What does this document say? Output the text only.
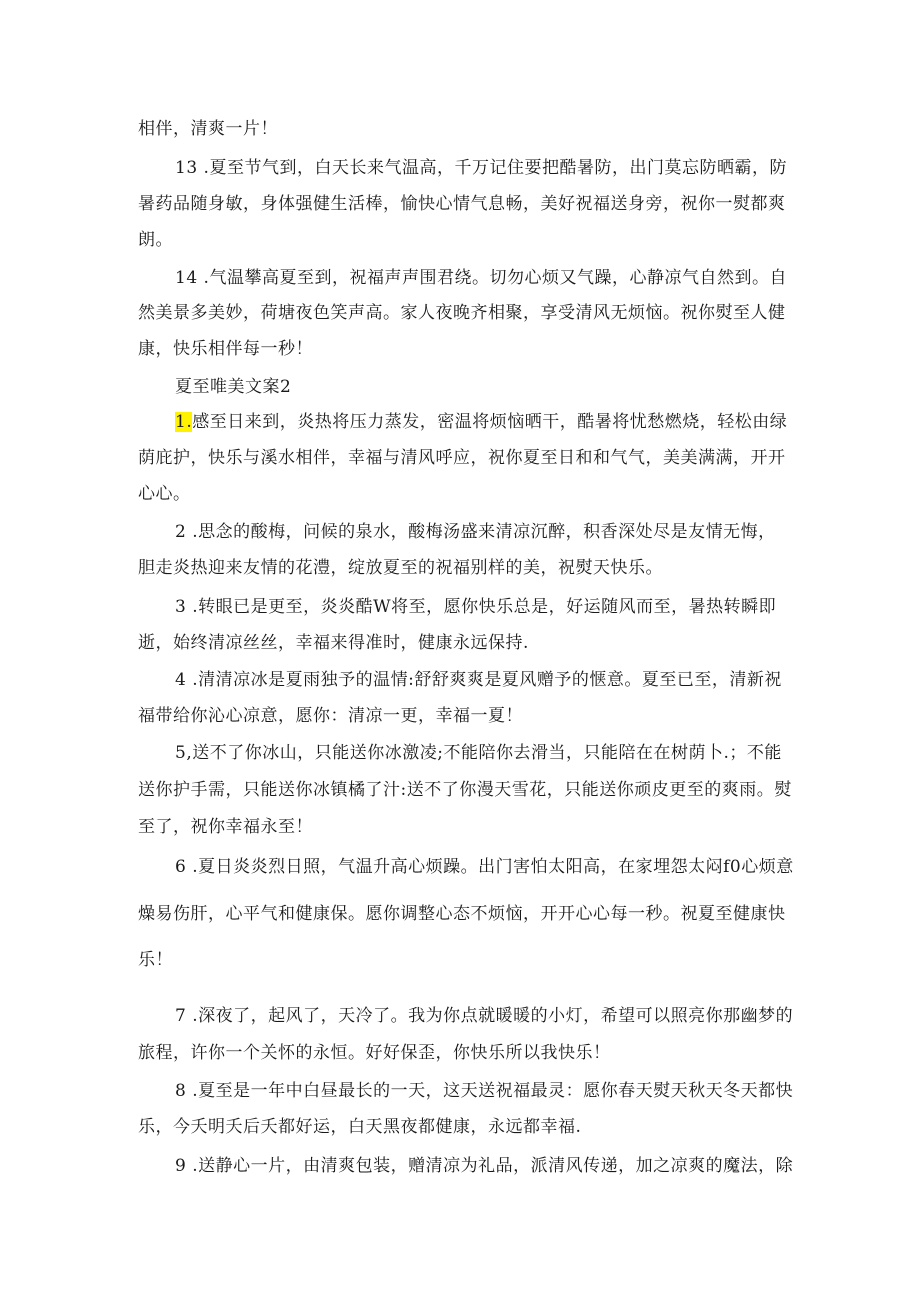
相伴，清爽一片！
13 .夏至节气到，白天长来气温高，千万记住要把酷暑防，出门莫忘防晒霸，防
暑药品随身敏，身体强健生活棒，愉快心情气息畅，美好祝福送身旁，祝你一熨都爽
朗。
14 .气温攀高夏至到，祝福声声围君绕。切勿心烦又气躁，心静凉气自然到。自
然美景多美妙，荷塘夜色笑声高。家人夜晚齐相聚，享受清风无烦恼。祝你熨至人健
康，快乐相伴每一秒！
夏至唯美文案2
1.感至日来到，炎热将压力蒸发，密温将烦恼晒干，酷暑将忧愁燃烧，轻松由绿
荫庇护，快乐与溪水相伴，幸福与清风呼应，祝你夏至日和和气气，美美满满，开开
心心。
2 .思念的酸梅，问候的泉水，酸梅汤盛来清凉沉醉，积香深处尽是友情无悔，
胆走炎热迎来友情的花澧，绽放夏至的祝福别样的美，祝熨天快乐。
3 .转眼已是更至，炎炎酷W将至，愿你快乐总是，好运随风而至，暑热转瞬即
逝，始终清凉丝丝，幸福来得准时，健康永远保持.
4 .清清凉冰是夏雨独予的温情:舒舒爽爽是夏风赠予的惬意。夏至已至，清新祝
福带给你沁心凉意，愿你：清凉一更，幸福一夏！
5,送不了你冰山，只能送你冰激凌;不能陪你去滑当，只能陪在在树荫卜.；不能
送你护手需，只能送你冰镇橘了汁:送不了你漫天雪花，只能送你顽皮更至的爽雨。熨
至了，祝你幸福永至！
6 .夏日炎炎烈日照，气温升高心烦躁。出门害怕太阳高，在家埋怨太闷f0心烦意
燥易伤肝，心平气和健康保。愿你调整心态不烦恼，开开心心每一秒。祝夏至健康快
乐！
7 .深夜了，起风了，天冷了。我为你点就暖暖的小灯，希望可以照亮你那幽梦的
旅程，许你一个关怀的永恒。好好保歪，你快乐所以我快乐！
8 .夏至是一年中白昼最长的一天，这天送祝福最灵：愿你春天熨天秋天冬天都快
乐，今夭明夭后夭都好运，白天黑夜都健康，永远都幸福.
9 .送静心一片，由清爽包装，赠清凉为礼品，派清风传递，加之凉爽的魔法，除
